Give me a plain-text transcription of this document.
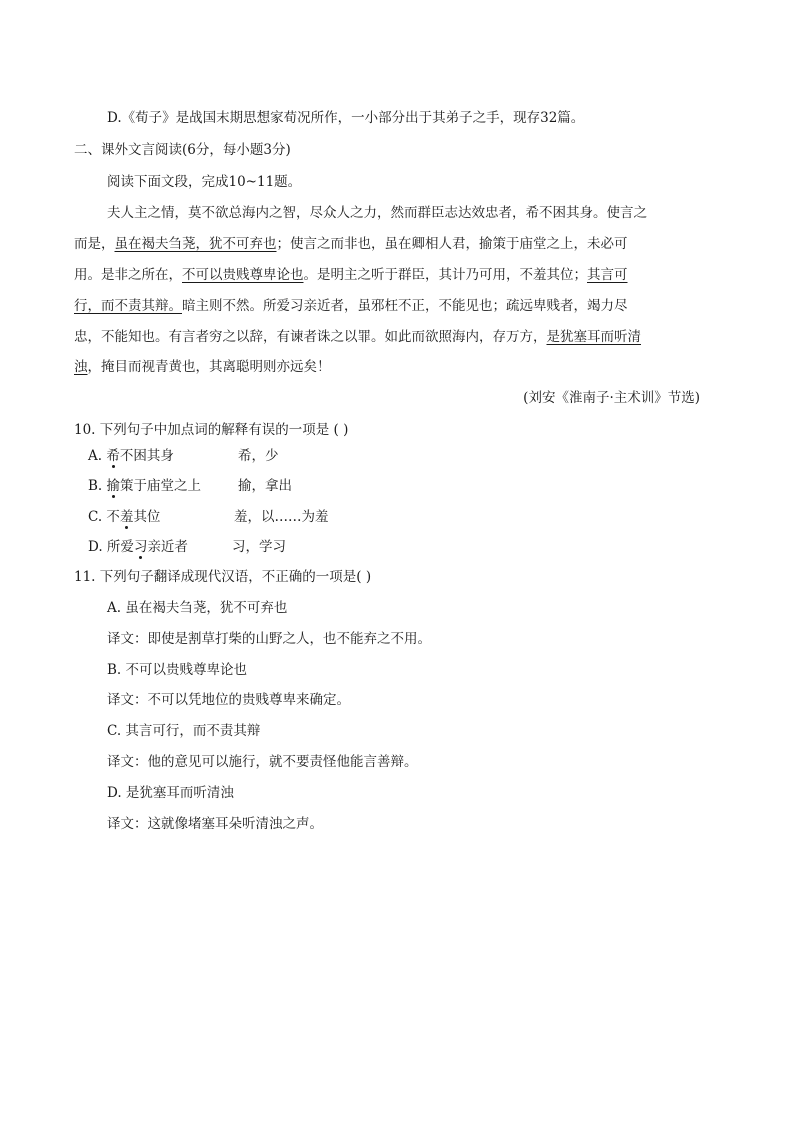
D.《荀子》是战国末期思想家荀况所作，一小部分出于其弟子之手，现存32篇。
二、课外文言阅读(6分，每小题3分)
阅读下面文段，完成10~11题。
夫人主之情，莫不欲总海内之智，尽众人之力，然而群臣志达效忠者，希不困其身。使言之
而是，虽在褐夫刍荛，犹不可弃也；使言之而非也，虽在卿相人君，揄策于庙堂之上，未必可
用。是非之所在，不可以贵贱尊卑论也。是明主之听于群臣，其计乃可用，不羞其位；其言可
行，而不责其辩。暗主则不然。所爱习亲近者，虽邪枉不正，不能见也；疏远卑贱者，竭力尽
忠，不能知也。有言者穷之以辞，有谏者诛之以罪。如此而欲照海内，存万方，是犹塞耳而听清
浊，掩目而视青黄也，其离聪明则亦远矣！
(刘安《淮南子·主术训》节选)
10. 下列句子中加点词的解释有误的一项是 ( )
A. 希不困其身	希，少
B. 揄策于庙堂之上	揄，拿出
C. 不羞其位	羞，以……为羞
D. 所爱习亲近者	习，学习
11. 下列句子翻译成现代汉语，不正确的一项是( )
A. 虽在褐夫刍荛，犹不可弃也
译文：即使是割草打柴的山野之人，也不能弃之不用。
B. 不可以贵贱尊卑论也
译文：不可以凭地位的贵贱尊卑来确定。
C. 其言可行，而不责其辩
译文：他的意见可以施行，就不要责怪他能言善辩。
D. 是犹塞耳而听清浊
译文：这就像堵塞耳朵听清浊之声。
